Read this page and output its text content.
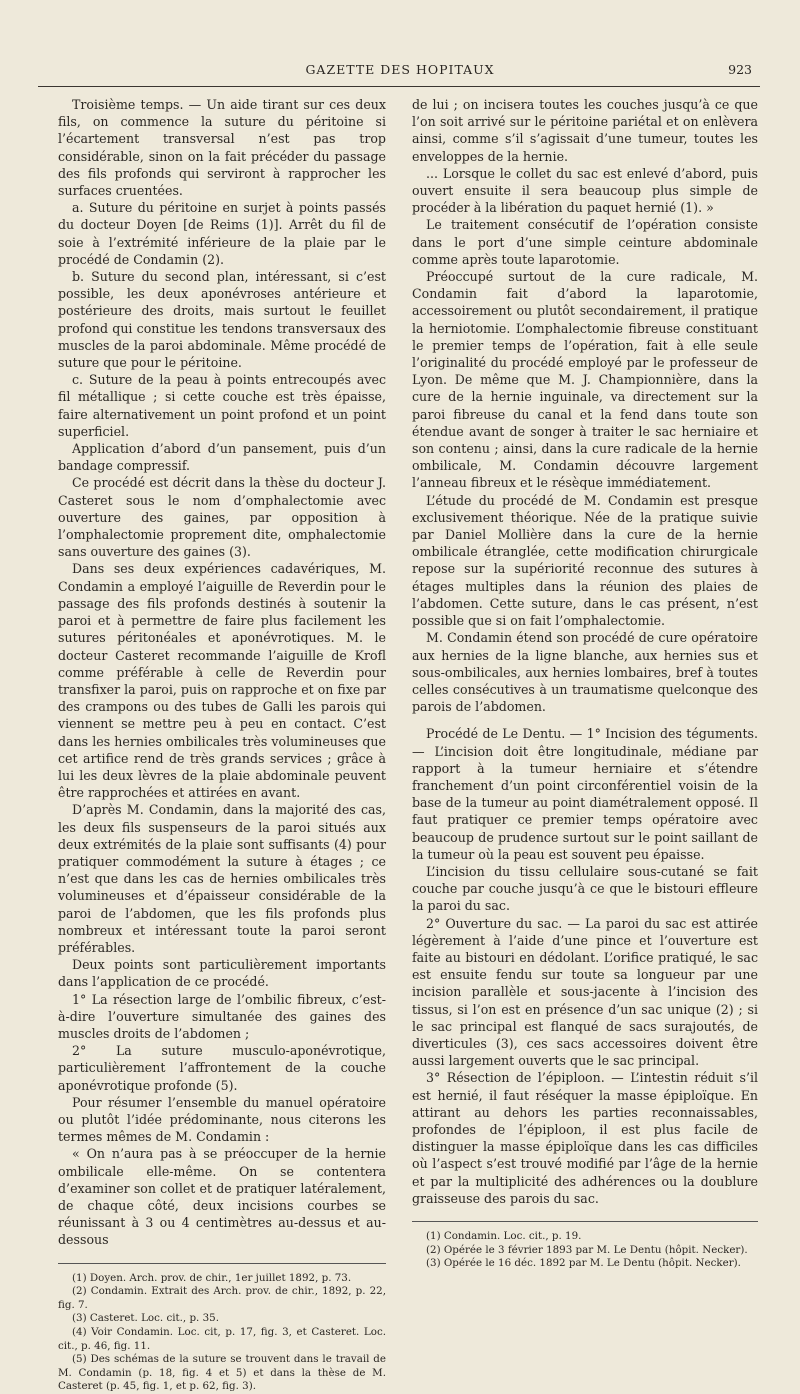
GAZETTE DES HOPITAUX	923

Troisième temps. — Un aide tirant sur ces deux fils, on commence la suture du péritoine si l’écartement transversal n’est pas trop considérable, sinon on la fait précéder du passage des fils profonds qui serviront à rapprocher les surfaces cruentées.

a. Suture du péritoine en surjet à points passés du docteur Doyen [de Reims (1)]. Arrêt du fil de soie à l’extrémité inférieure de la plaie par le procédé de Condamin (2).

b. Suture du second plan, intéressant, si c’est possible, les deux aponévroses antérieure et postérieure des droits, mais surtout le feuillet profond qui constitue les tendons transversaux des muscles de la paroi abdominale. Même procédé de suture que pour le péritoine.

c. Suture de la peau à points entrecoupés avec fil métallique ; si cette couche est très épaisse, faire alternativement un point profond et un point superficiel.

Application d’abord d’un pansement, puis d’un bandage compressif.

Ce procédé est décrit dans la thèse du docteur J. Casteret sous le nom d’omphalectomie avec ouverture des gaines, par opposition à l’omphalectomie proprement dite, omphalectomie sans ouverture des gaines (3).

Dans ses deux expériences cadavériques, M. Condamin a employé l’aiguille de Reverdin pour le passage des fils profonds destinés à soutenir la paroi et à permettre de faire plus facilement les sutures péritonéales et aponévrotiques. M. le docteur Casteret recommande l’aiguille de Krofl comme préférable à celle de Reverdin pour transfixer la paroi, puis on rapproche et on fixe par des crampons ou des tubes de Galli les parois qui viennent se mettre peu à peu en contact. C’est dans les hernies ombilicales très volumineuses que cet artifice rend de très grands services ; grâce à lui les deux lèvres de la plaie abdominale peuvent être rapprochées et attirées en avant.

D’après M. Condamin, dans la majorité des cas, les deux fils suspenseurs de la paroi situés aux deux extrémités de la plaie sont suffisants (4) pour pratiquer commodément la suture à étages ; ce n’est que dans les cas de hernies ombilicales très volumineuses et d’épaisseur considérable de la paroi de l’abdomen, que les fils profonds plus nombreux et intéressant toute la paroi seront préférables.

Deux points sont particulièrement importants dans l’application de ce procédé.

1° La résection large de l’ombilic fibreux, c’est-à-dire l’ouverture simultanée des gaines des muscles droits de l’abdomen ;

2° La suture musculo-aponévrotique, particulièrement l’affrontement de la couche aponévrotique profonde (5).

Pour résumer l’ensemble du manuel opératoire ou plutôt l’idée prédominante, nous citerons les termes mêmes de M. Condamin :

« On n’aura pas à se préoccuper de la hernie ombilicale elle-même. On se contentera d’examiner son collet et de pratiquer latéralement, de chaque côté, deux incisions courbes se réunissant à 3 ou 4 centimètres au-dessus et au-dessous

(1) Doyen. Arch. prov. de chir., 1er juillet 1892, p. 73.

(2) Condamin. Extrait des Arch. prov. de chir., 1892, p. 22, fig. 7.

(3) Casteret. Loc. cit., p. 35.

(4) Voir Condamin. Loc. cit, p. 17, fig. 3, et Casteret. Loc. cit., p. 46, fig. 11.

(5) Des schémas de la suture se trouvent dans le travail de M. Condamin (p. 18, fig. 4 et 5) et dans la thèse de M. Casteret (p. 45, fig. 1, et p. 62, fig. 3).

de lui ; on incisera toutes les couches jusqu’à ce que l’on soit arrivé sur le péritoine pariétal et on enlèvera ainsi, comme s’il s’agissait d’une tumeur, toutes les enveloppes de la hernie.

... Lorsque le collet du sac est enlevé d’abord, puis ouvert ensuite il sera beaucoup plus simple de procéder à la libération du paquet hernié (1). »

Le traitement consécutif de l’opération consiste dans le port d’une simple ceinture abdominale comme après toute laparotomie.

Préoccupé surtout de la cure radicale, M. Condamin fait d’abord la laparotomie, accessoirement ou plutôt secondairement, il pratique la herniotomie. L’omphalectomie fibreuse constituant le premier temps de l’opération, fait à elle seule l’originalité du procédé employé par le professeur de Lyon. De même que M. J. Championnière, dans la cure de la hernie inguinale, va directement sur la paroi fibreuse du canal et la fend dans toute son étendue avant de songer à traiter le sac herniaire et son contenu ; ainsi, dans la cure radicale de la hernie ombilicale, M. Condamin découvre largement l’anneau fibreux et le résèque immédiatement.

L’étude du procédé de M. Condamin est presque exclusivement théorique. Née de la pratique suivie par Daniel Mollière dans la cure de la hernie ombilicale étranglée, cette modification chirurgicale repose sur la supériorité reconnue des sutures à étages multiples dans la réunion des plaies de l’abdomen. Cette suture, dans le cas présent, n’est possible que si on fait l’omphalectomie.

M. Condamin étend son procédé de cure opératoire aux hernies de la ligne blanche, aux hernies sus et sous-ombilicales, aux hernies lombaires, bref à toutes celles consécutives à un traumatisme quelconque des parois de l’abdomen.

Procédé de Le Dentu. — 1° Incision des téguments. — L’incision doit être longitudinale, médiane par rapport à la tumeur herniaire et s’étendre franchement d’un point circonférentiel voisin de la base de la tumeur au point diamétralement opposé. Il faut pratiquer ce premier temps opératoire avec beaucoup de prudence surtout sur le point saillant de la tumeur où la peau est souvent peu épaisse.

L’incision du tissu cellulaire sous-cutané se fait couche par couche jusqu’à ce que le bistouri effleure la paroi du sac.

2° Ouverture du sac. — La paroi du sac est attirée légèrement à l’aide d’une pince et l’ouverture est faite au bistouri en dédolant. L’orifice pratiqué, le sac est ensuite fendu sur toute sa longueur par une incision parallèle et sous-jacente à l’incision des tissus, si l’on est en présence d’un sac unique (2) ; si le sac principal est flanqué de sacs surajoutés, de diverticules (3), ces sacs accessoires doivent être aussi largement ouverts que le sac principal.

3° Résection de l’épiploon. — L’intestin réduit s’il est hernié, il faut réséquer la masse épiploïque. En attirant au dehors les parties reconnaissables, profondes de l’épiploon, il est plus facile de distinguer la masse épiploïque dans les cas difficiles où l’aspect s’est trouvé modifié par l’âge de la hernie et par la multiplicité des adhérences ou la doublure graisseuse des parois du sac.

(1) Condamin. Loc. cit., p. 19.

(2) Opérée le 3 février 1893 par M. Le Dentu (hôpit. Necker).

(3) Opérée le 16 déc. 1892 par M. Le Dentu (hôpit. Necker).
